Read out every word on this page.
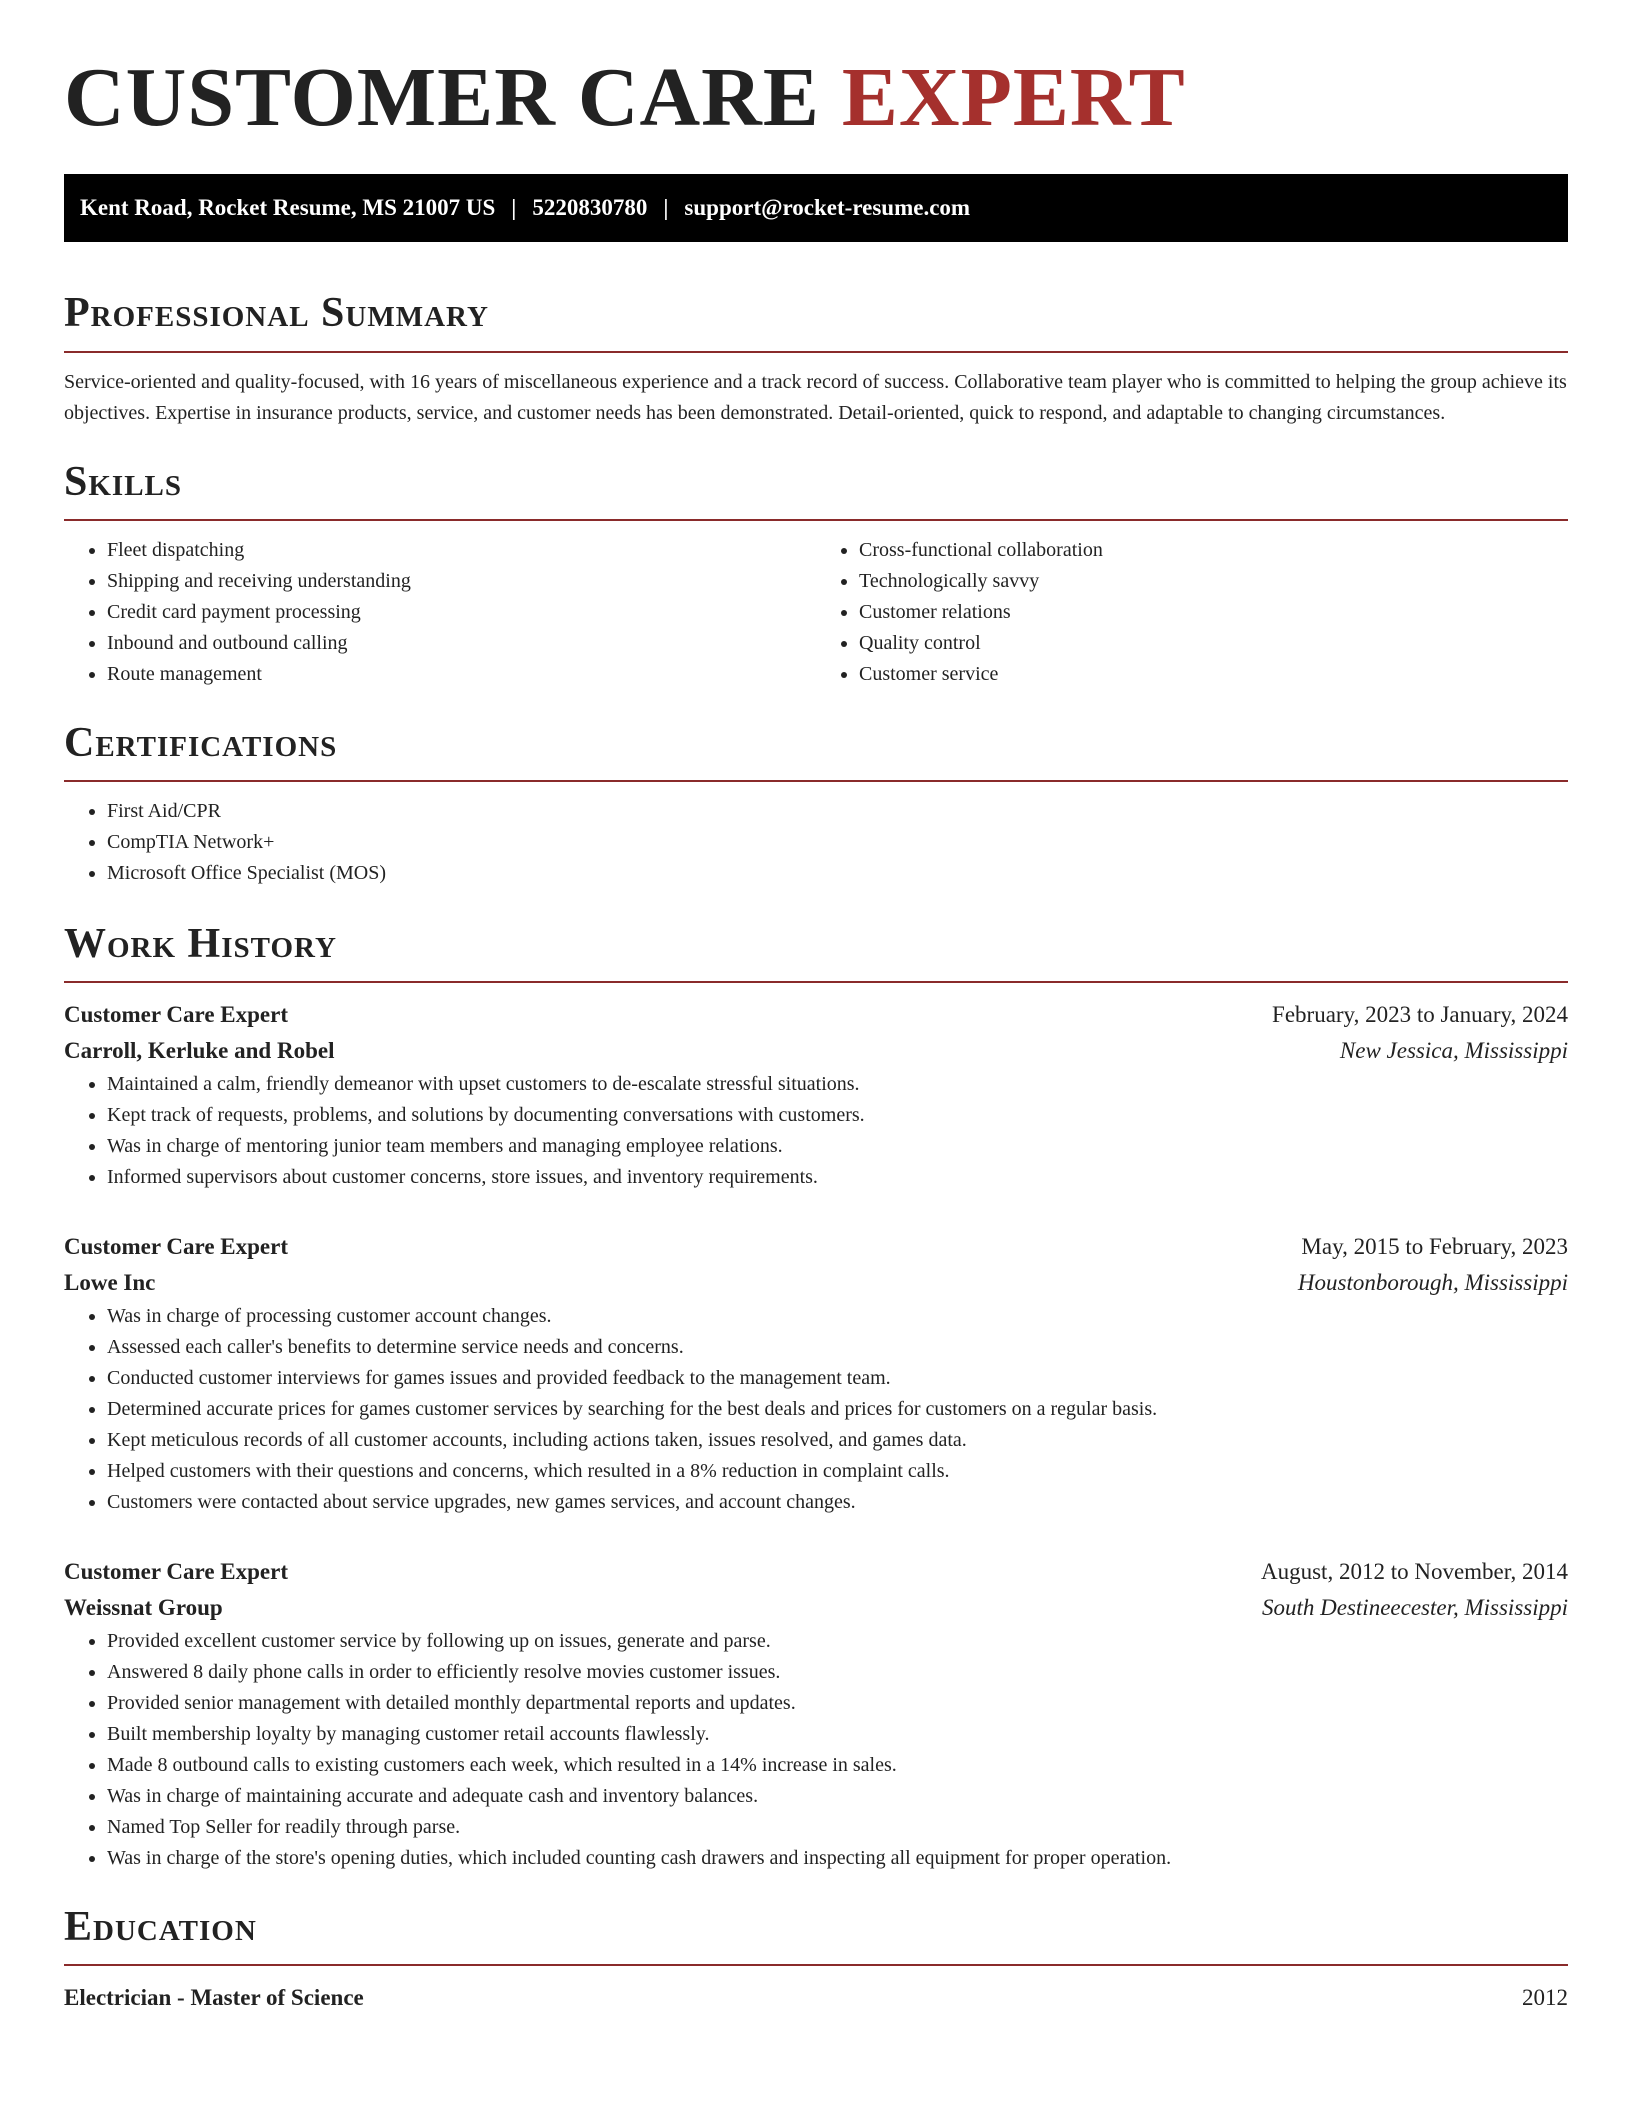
CUSTOMER CARE EXPERT
Kent Road, Rocket Resume, MS 21007 US | 5220830780 | support@rocket-resume.com
Professional Summary

Service-oriented and quality-focused, with 16 years of miscellaneous experience and a track record of success. Collaborative team player who is committed to helping the group achieve its objectives. Expertise in insurance products, service, and customer needs has been demonstrated. Detail-oriented, quick to respond, and adaptable to changing circumstances.

Skills
• Fleet dispatching
• Shipping and receiving understanding
• Credit card payment processing
• Inbound and outbound calling
• Route management
• Cross-functional collaboration
• Technologically savvy
• Customer relations
• Quality control
• Customer service
Certifications
• First Aid/CPR
• CompTIA Network+
• Microsoft Office Specialist (MOS)
Work History
Customer Care Expert	February, 2023 to January, 2024
Carroll, Kerluke and Robel	New Jessica, Mississippi
• Maintained a calm, friendly demeanor with upset customers to de-escalate stressful situations.
• Kept track of requests, problems, and solutions by documenting conversations with customers.
• Was in charge of mentoring junior team members and managing employee relations.
• Informed supervisors about customer concerns, store issues, and inventory requirements.
Customer Care Expert	May, 2015 to February, 2023
Lowe Inc	Houstonborough, Mississippi
• Was in charge of processing customer account changes.
• Assessed each caller's benefits to determine service needs and concerns.
• Conducted customer interviews for games issues and provided feedback to the management team.
• Determined accurate prices for games customer services by searching for the best deals and prices for customers on a regular basis.
• Kept meticulous records of all customer accounts, including actions taken, issues resolved, and games data.
• Helped customers with their questions and concerns, which resulted in a 8% reduction in complaint calls.
• Customers were contacted about service upgrades, new games services, and account changes.
Customer Care Expert	August, 2012 to November, 2014
Weissnat Group	South Destineecester, Mississippi
• Provided excellent customer service by following up on issues, generate and parse.
• Answered 8 daily phone calls in order to efficiently resolve movies customer issues.
• Provided senior management with detailed monthly departmental reports and updates.
• Built membership loyalty by managing customer retail accounts flawlessly.
• Made 8 outbound calls to existing customers each week, which resulted in a 14% increase in sales.
• Was in charge of maintaining accurate and adequate cash and inventory balances.
• Named Top Seller for readily through parse.
• Was in charge of the store's opening duties, which included counting cash drawers and inspecting all equipment for proper operation.
Education
Electrician - Master of Science	2012
